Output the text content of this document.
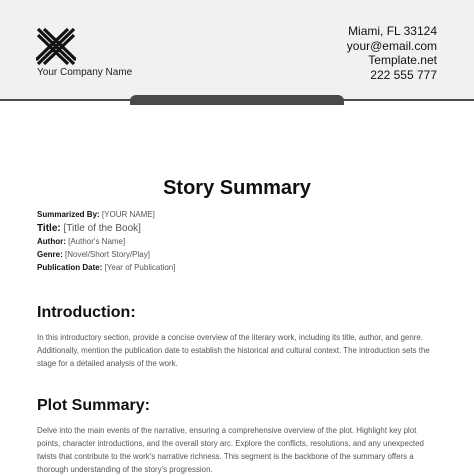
Your Company Name
Miami, FL 33124
your@email.com
Template.net
222 555 777
Story Summary
Summarized By: [YOUR NAME]
Title: [Title of the Book]
Author: [Author's Name]
Genre: [Novel/Short Story/Play]
Publication Date: [Year of Publication]
Introduction:
In this introductory section, provide a concise overview of the literary work, including its title, author, and genre. Additionally, mention the publication date to establish the historical and cultural context. The introduction sets the stage for a detailed analysis of the work.
Plot Summary:
Delve into the main events of the narrative, ensuring a comprehensive overview of the plot. Highlight key plot points, character introductions, and the overall story arc. Explore the conflicts, resolutions, and any unexpected twists that contribute to the work's narrative richness. This segment is the backbone of the summary offers a thorough understanding of the story's progression.
